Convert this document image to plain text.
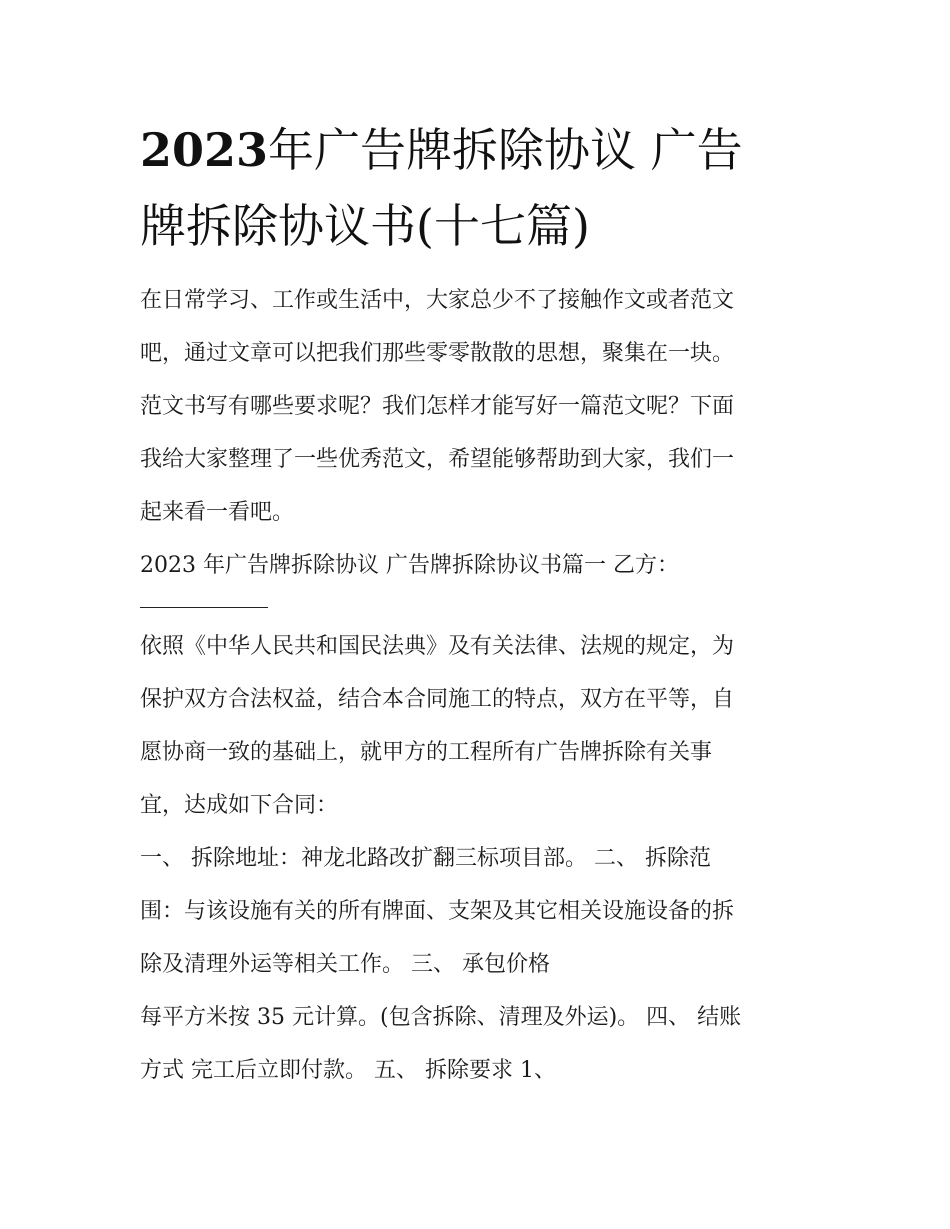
2023年广告牌拆除协议 广告
牌拆除协议书(十七篇)
在日常学习、工作或生活中，大家总少不了接触作文或者范文
吧，通过文章可以把我们那些零零散散的思想，聚集在一块。
范文书写有哪些要求呢？我们怎样才能写好一篇范文呢？下面
我给大家整理了一些优秀范文，希望能够帮助到大家，我们一
起来看一看吧。
2023 年广告牌拆除协议 广告牌拆除协议书篇一 乙方：
依照《中华人民共和国民法典》及有关法律、法规的规定，为
保护双方合法权益，结合本合同施工的特点，双方在平等，自
愿协商一致的基础上，就甲方的工程所有广告牌拆除有关事
宜，达成如下合同：
一、 拆除地址：神龙北路改扩翻三标项目部。 二、 拆除范
围：与该设施有关的所有牌面、支架及其它相关设施设备的拆
除及清理外运等相关工作。 三、 承包价格
每平方米按 35 元计算。(包含拆除、清理及外运)。 四、 结账
方式 完工后立即付款。 五、 拆除要求 1、
